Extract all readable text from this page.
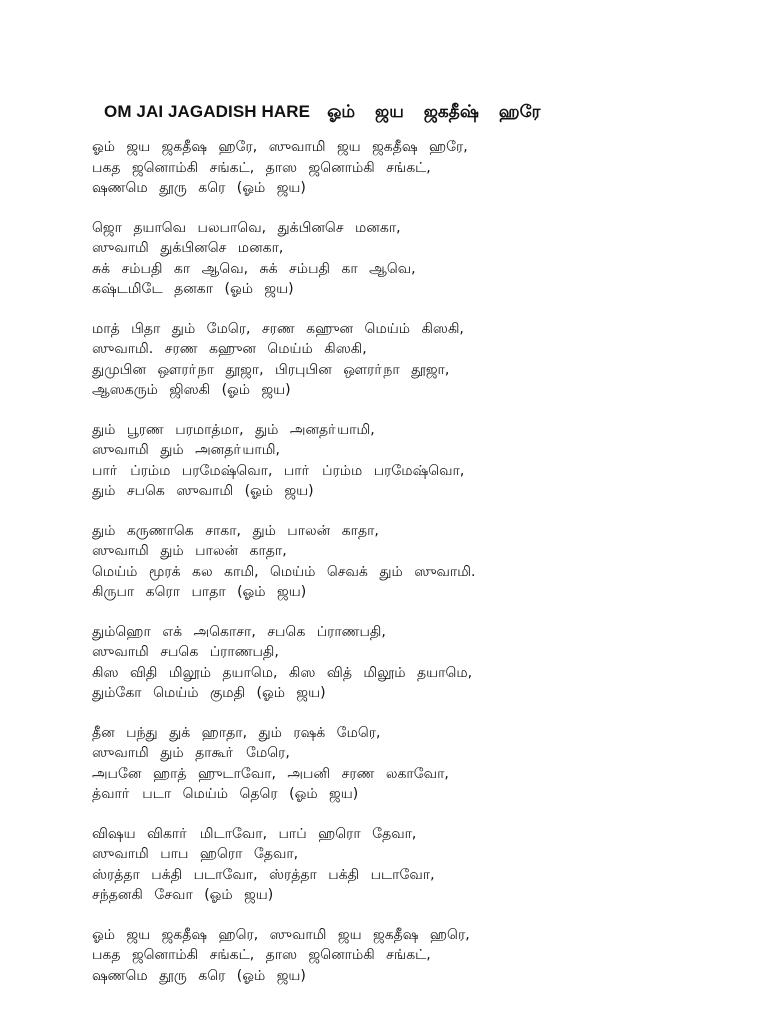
OM JAI JAGADISH HARE ஓம் ஜய ஜகதீஷ் ஹரே
ஓம் ஜய ஜகதீஷ ஹரே, ஸுவாமி ஜய ஜகதீஷ ஹரே,
பகத ஜனொம்கி சங்கட், தாஸ ஜனொம்கி சங்கட்,
ஷணமெ தூரு கரெ (ஓம் ஜய)
ஜொ தயாவெ பலபாவெ, துக்பினசெ மனகா,
ஸுவாமி துக்பினசெ மனகா,
சுக் சம்பதி கா ஆவெ, சுக் சம்பதி கா ஆவெ,
கஷ்டமிடே தனகா (ஓம் ஜய)
மாத் பிதா தும் மேரெ, சரண கஹுன மெய்ம் கிஸகி,
ஸுவாமி. சரண கஹுன மெய்ம் கிஸகி,
துமுபின ஔரா்நா தூஜா, பிரபுபின ஔரா்நா தூஜா,
ஆஸகரும் ஜிஸகி (ஓம் ஜய)
தும் பூரண பரமாத்மா, தும் அனதா்யாமி,
ஸுவாமி தும் அனதா்யாமி,
பாா் ப்ரம்ம பரமேஷ்வொ, பாா் ப்ரம்ம பரமேஷ்வொ,
தும் சபகெ ஸுவாமி (ஓம் ஜய)
தும் கருணாகெ சாகா, தும் பாலன் காதா,
ஸுவாமி தும் பாலன் காதா,
மெய்ம் மூரக் கல காமி, மெய்ம் செவக் தும் ஸுவாமி.
கிருபா கரொ பாதா (ஓம் ஜய)
தும்ஹொ எக் அகொசா, சபகெ ப்ராணபதி,
ஸுவாமி சபகெ ப்ராணபதி,
கிஸ விதி மிலூம் தயாமெ, கிஸ வித் மிலூம் தயாமெ,
தும்கோ மெய்ம் குமதி (ஓம் ஜய)
தீன பந்து துக் ஹாதா, தும் ரஷக் மேரெ,
ஸுவாமி தும் தாகூா் மேரெ,
அபனே ஹாத் ஹுடாவோ, அபனி சரண லகாவோ,
த்வாா் படா மெய்ம் தெரெ (ஓம் ஜய)
விஷய விகாா் மிடாவோ, பாப் ஹரொ தேவா,
ஸுவாமி பாப ஹரொ தேவா,
ஸ்ரத்தா பக்தி படாவோ, ஸ்ரத்தா பக்தி படாவோ,
சந்தனகி சேவா (ஓம் ஜய)
ஓம் ஜய ஜகதீஷ ஹரெ, ஸுவாமி ஜய ஜகதீஷ ஹரெ,
பகத ஜனொம்கி சங்கட், தாஸ ஜனொம்கி சங்கட்,
ஷணமெ தூரு கரெ (ஓம் ஜய)
